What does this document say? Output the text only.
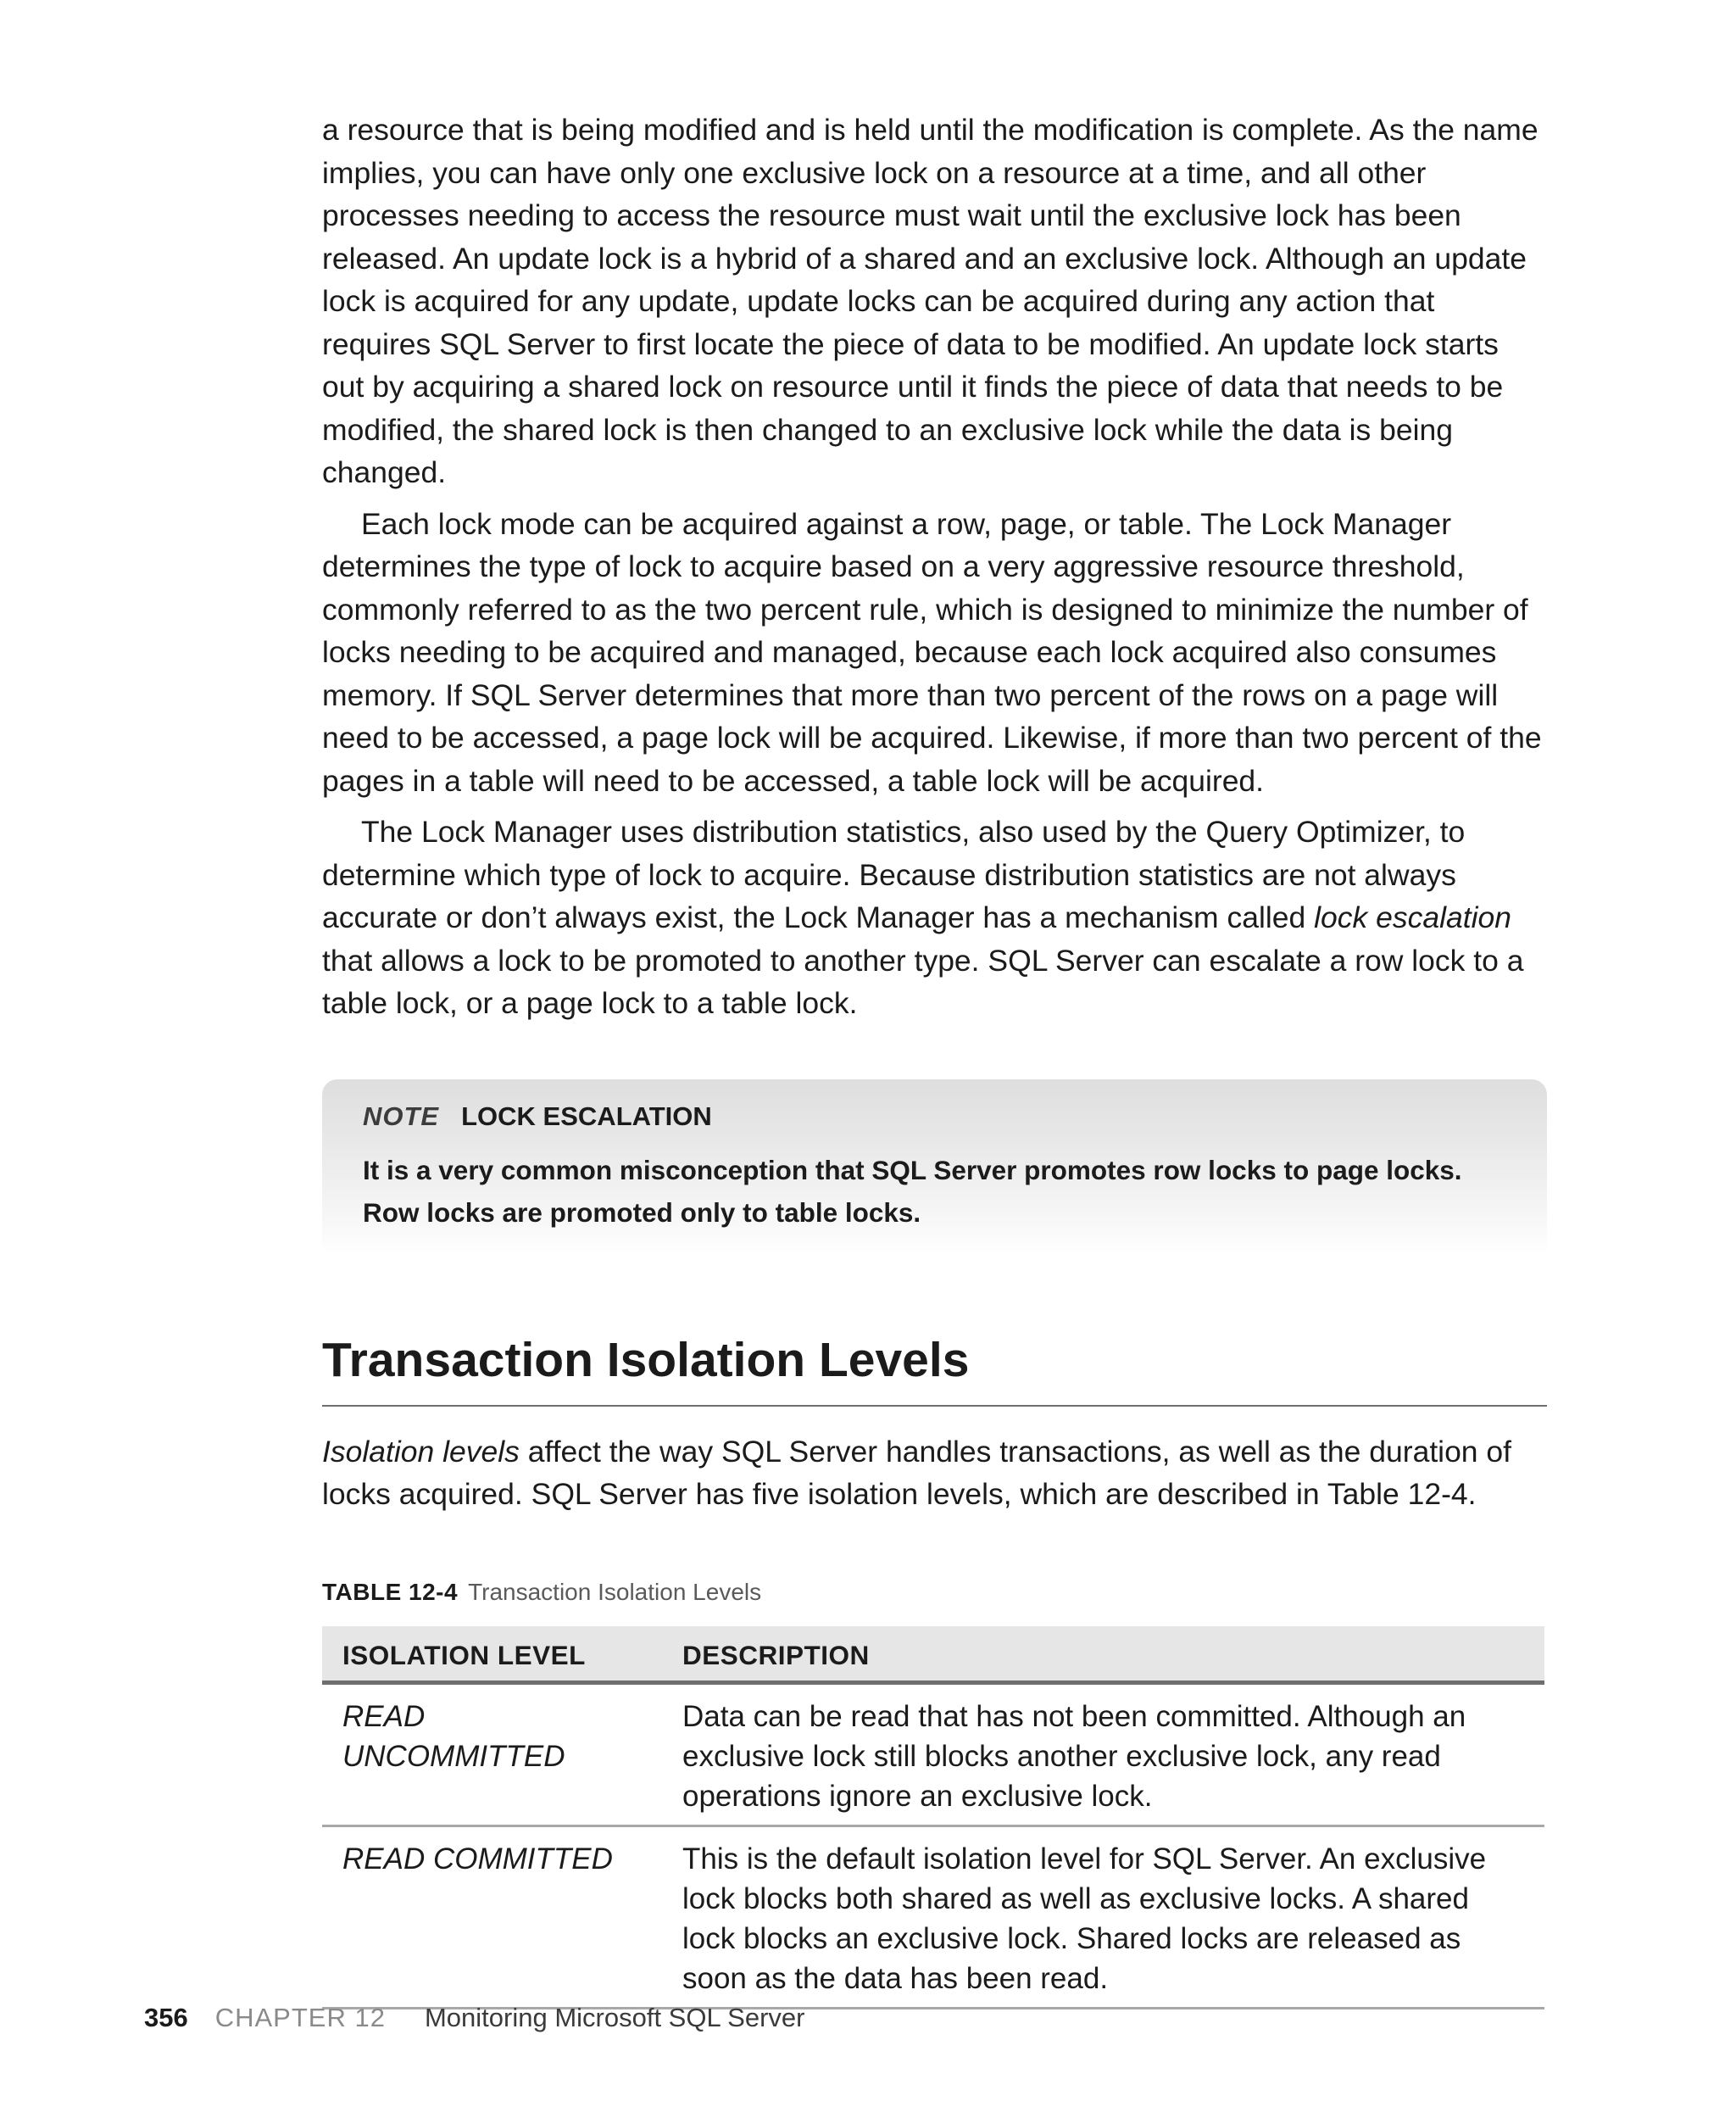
a resource that is being modified and is held until the modification is complete. As the name implies, you can have only one exclusive lock on a resource at a time, and all other processes needing to access the resource must wait until the exclusive lock has been released. An update lock is a hybrid of a shared and an exclusive lock. Although an update lock is acquired for any update, update locks can be acquired during any action that requires SQL Server to first locate the piece of data to be modified. An update lock starts out by acquiring a shared lock on resource until it finds the piece of data that needs to be modified, the shared lock is then changed to an exclusive lock while the data is being changed.

Each lock mode can be acquired against a row, page, or table. The Lock Manager determines the type of lock to acquire based on a very aggressive resource threshold, commonly referred to as the two percent rule, which is designed to minimize the number of locks needing to be acquired and managed, because each lock acquired also consumes memory. If SQL Server determines that more than two percent of the rows on a page will need to be accessed, a page lock will be acquired. Likewise, if more than two percent of the pages in a table will need to be accessed, a table lock will be acquired.

The Lock Manager uses distribution statistics, also used by the Query Optimizer, to determine which type of lock to acquire. Because distribution statistics are not always accurate or don’t always exist, the Lock Manager has a mechanism called lock escalation that allows a lock to be promoted to another type. SQL Server can escalate a row lock to a table lock, or a page lock to a table lock.

NOTE LOCK ESCALATION
It is a very common misconception that SQL Server promotes row locks to page locks. Row locks are promoted only to table locks.
Transaction Isolation Levels

Isolation levels affect the way SQL Server handles transactions, as well as the duration of locks acquired. SQL Server has five isolation levels, which are described in Table 12-4.

TABLE 12-4 Transaction Isolation Levels
ISOLATION LEVEL	DESCRIPTION
READ UNCOMMITTED	Data can be read that has not been committed. Although an exclusive lock still blocks another exclusive lock, any read operations ignore an exclusive lock.
READ COMMITTED	This is the default isolation level for SQL Server. An exclusive lock blocks both shared as well as exclusive locks. A shared lock blocks an exclusive lock. Shared locks are released as soon as the data has been read.
356 CHAPTER 12 Monitoring Microsoft SQL Server
